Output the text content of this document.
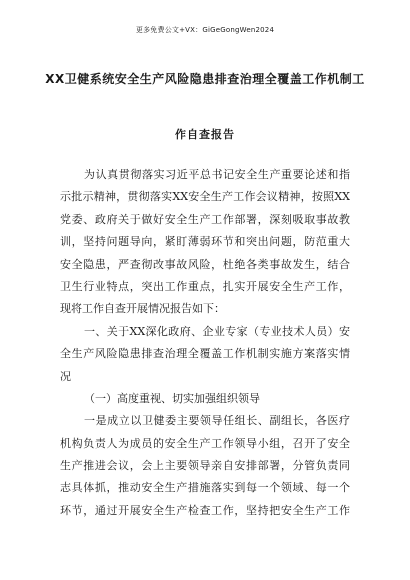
更多免费公文+VX：GiGeGongWen2024
XX卫健系统安全生产风险隐患排查治理全覆盖工作机制工
作自查报告
为认真贯彻落实习近平总书记安全生产重要论述和指
示批示精神，贯彻落实XX安全生产工作会议精神，按照XX
党委、政府关于做好安全生产工作部署，深刻吸取事故教
训，坚持问题导向，紧盯薄弱环节和突出问题，防范重大
安全隐患，严查彻改事故风险，杜绝各类事故发生，结合
卫生行业特点，突出工作重点，扎实开展安全生产工作，
现将工作自查开展情况报告如下：
一、关于XX深化政府、企业专家（专业技术人员）安
全生产风险隐患排查治理全覆盖工作机制实施方案落实情
况
（一）高度重视、切实加强组织领导
一是成立以卫健委主要领导任组长、副组长，各医疗
机构负责人为成员的安全生产工作领导小组，召开了安全
生产推进会议，会上主要领导亲自安排部署，分管负责同
志具体抓，推动安全生产措施落实到每一个领域、每一个
环节，通过开展安全生产检查工作，坚持把安全生产工作
